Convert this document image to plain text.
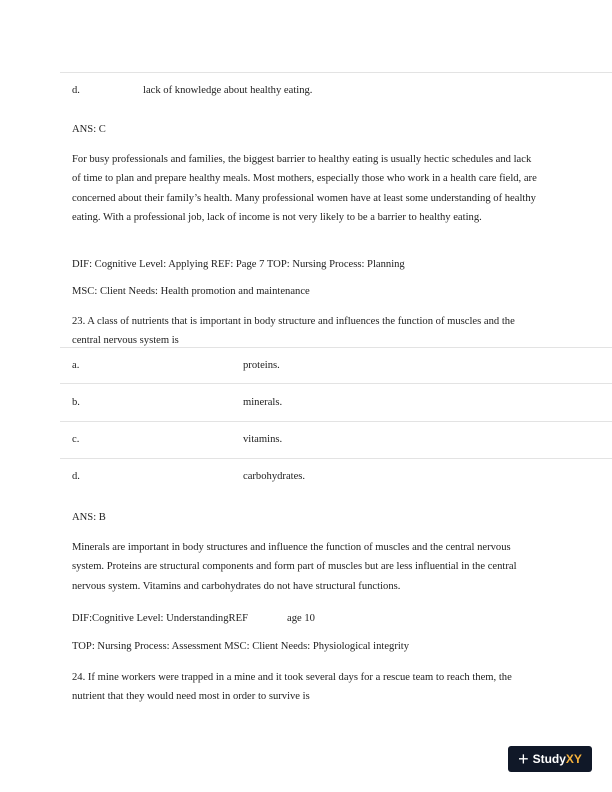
d.	lack of knowledge about healthy eating.
ANS: C
For busy professionals and families, the biggest barrier to healthy eating is usually hectic schedules and lack of time to plan and prepare healthy meals. Most mothers, especially those who work in a health care field, are concerned about their family’s health. Many professional women have at least some understanding of healthy eating. With a professional job, lack of income is not very likely to be a barrier to healthy eating.
DIF: Cognitive Level: Applying REF: Page 7 TOP: Nursing Process: Planning
MSC: Client Needs: Health promotion and maintenance
23. A class of nutrients that is important in body structure and influences the function of muscles and the central nervous system is
a.	proteins.
b.	minerals.
c.	vitamins.
d.	carbohydrates.
ANS: B
Minerals are important in body structures and influence the function of muscles and the central nervous system. Proteins are structural components and form part of muscles but are less influential in the central nervous system. Vitamins and carbohydrates do not have structural functions.
DIF:Cognitive Level: UnderstandingREF	age 10
TOP: Nursing Process: Assessment MSC: Client Needs: Physiological integrity
24. If mine workers were trapped in a mine and it took several days for a rescue team to reach them, the nutrient that they would need most in order to survive is
+ Study XY
